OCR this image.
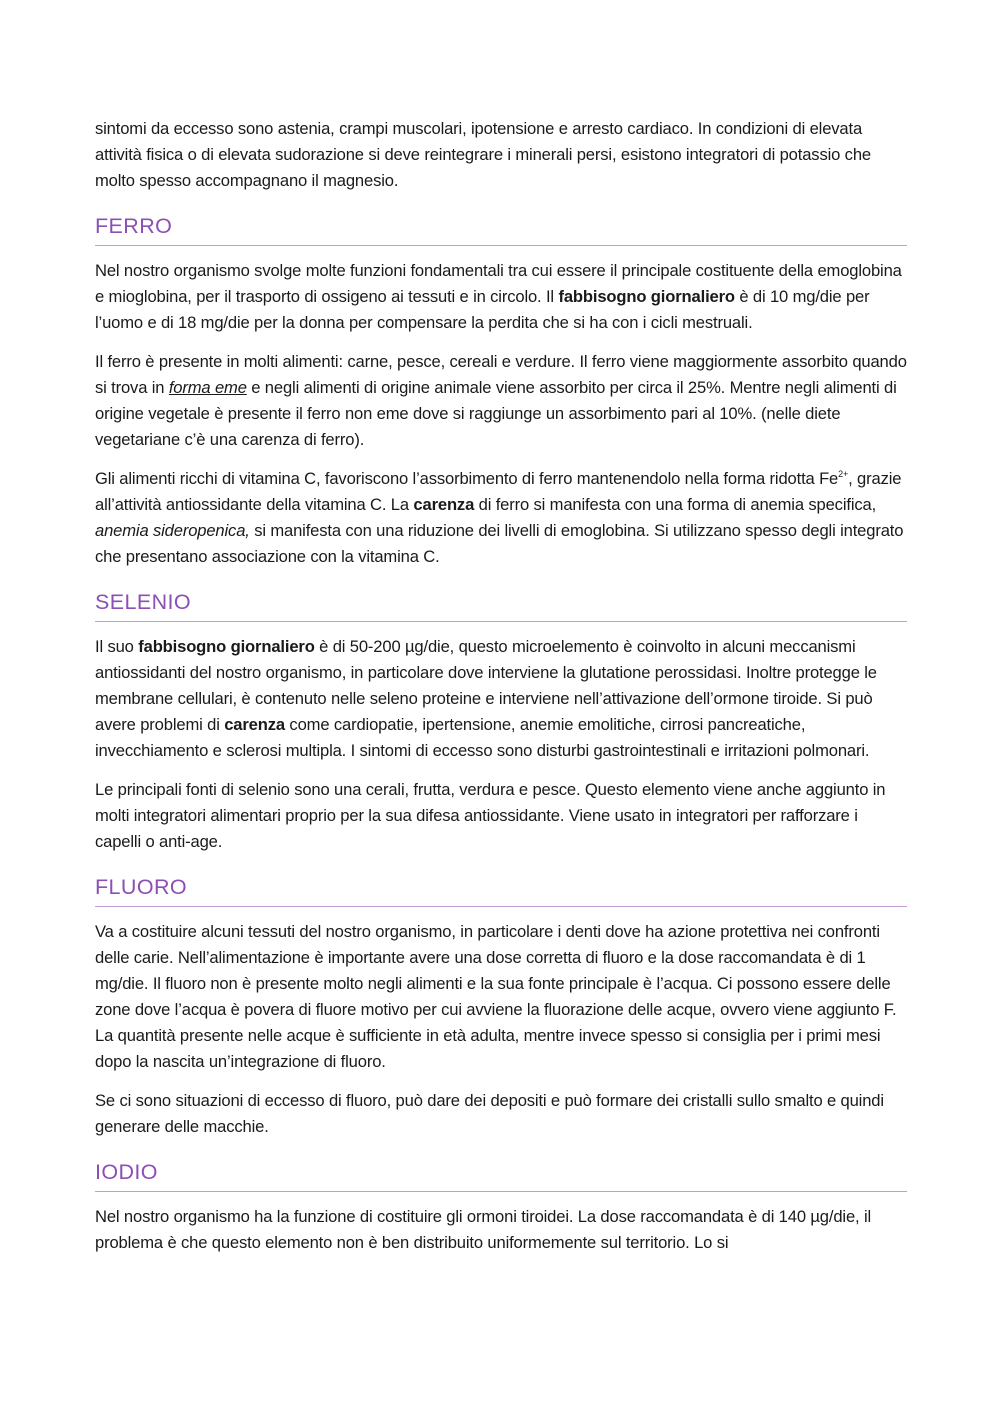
sintomi da eccesso sono astenia, crampi muscolari, ipotensione e arresto cardiaco. In condizioni di elevata attività fisica o di elevata sudorazione si deve reintegrare i minerali persi, esistono integratori di potassio che molto spesso accompagnano il magnesio.

FERRO

Nel nostro organismo svolge molte funzioni fondamentali tra cui essere il principale costituente della emoglobina e mioglobina, per il trasporto di ossigeno ai tessuti e in circolo. Il fabbisogno giornaliero è di 10 mg/die per l’uomo e di 18 mg/die per la donna per compensare la perdita che si ha con i cicli mestruali.

Il ferro è presente in molti alimenti: carne, pesce, cereali e verdure. Il ferro viene maggiormente assorbito quando si trova in forma eme e negli alimenti di origine animale viene assorbito per circa il 25%. Mentre negli alimenti di origine vegetale è presente il ferro non eme dove si raggiunge un assorbimento pari al 10%. (nelle diete vegetariane c’è una carenza di ferro).

Gli alimenti ricchi di vitamina C, favoriscono l’assorbimento di ferro mantenendolo nella forma ridotta $Fe^{2+}$, grazie all’attività antiossidante della vitamina C. La carenza di ferro si manifesta con una forma di anemia specifica, anemia sideropenica, si manifesta con una riduzione dei livelli di emoglobina. Si utilizzano spesso degli integrato che presentano associazione con la vitamina C.

SELENIO

Il suo fabbisogno giornaliero è di 50-200 µg/die, questo microelemento è coinvolto in alcuni meccanismi antiossidanti del nostro organismo, in particolare dove interviene la glutatione perossidasi. Inoltre protegge le membrane cellulari, è contenuto nelle seleno proteine e interviene nell’attivazione dell’ormone tiroide. Si può avere problemi di carenza come cardiopatie, ipertensione, anemie emolitiche, cirrosi pancreatiche, invecchiamento e sclerosi multipla. I sintomi di eccesso sono disturbi gastrointestinali e irritazioni polmonari.

Le principali fonti di selenio sono una cerali, frutta, verdura e pesce. Questo elemento viene anche aggiunto in molti integratori alimentari proprio per la sua difesa antiossidante. Viene usato in integratori per rafforzare i capelli o anti-age.

FLUORO

Va a costituire alcuni tessuti del nostro organismo, in particolare i denti dove ha azione protettiva nei confronti delle carie. Nell’alimentazione è importante avere una dose corretta di fluoro e la dose raccomandata è di 1 mg/die. Il fluoro non è presente molto negli alimenti e la sua fonte principale è l’acqua. Ci possono essere delle zone dove l’acqua è povera di fluore motivo per cui avviene la fluorazione delle acque, ovvero viene aggiunto F. La quantità presente nelle acque è sufficiente in età adulta, mentre invece spesso si consiglia per i primi mesi dopo la nascita un’integrazione di fluoro.

Se ci sono situazioni di eccesso di fluoro, può dare dei depositi e può formare dei cristalli sullo smalto e quindi generare delle macchie.

IODIO

Nel nostro organismo ha la funzione di costituire gli ormoni tiroidei. La dose raccomandata è di 140 µg/die, il problema è che questo elemento non è ben distribuito uniformemente sul territorio. Lo si
